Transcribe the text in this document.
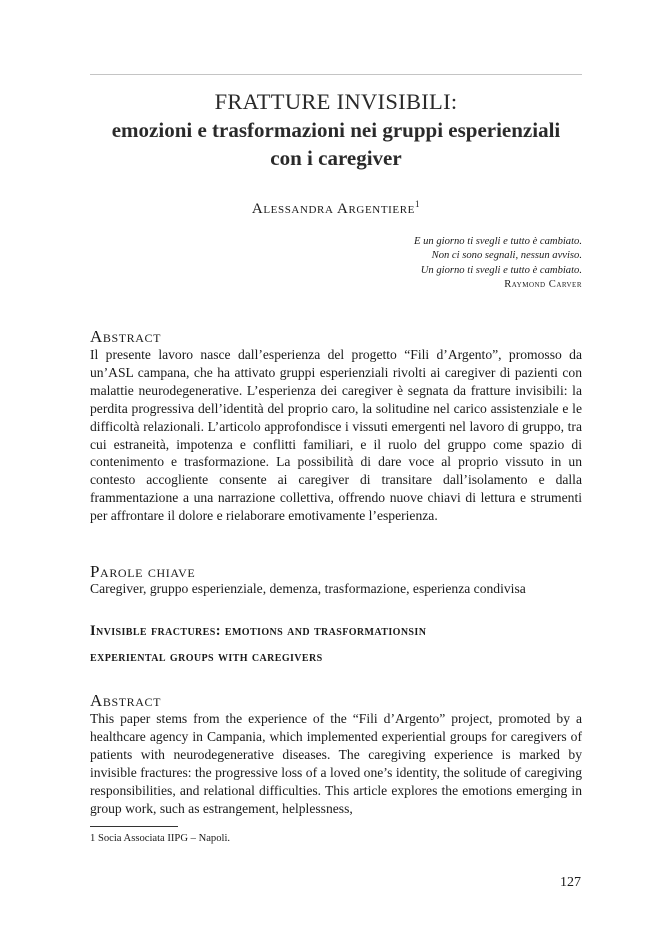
FRATTURE INVISIBILI:
emozioni e trasformazioni nei gruppi esperienziali
con i caregiver
Alessandra Argentiere$^1$
E un giorno ti svegli e tutto è cambiato.
Non ci sono segnali, nessun avviso.
Un giorno ti svegli e tutto è cambiato.
Raymond Carver
Abstract
Il presente lavoro nasce dall’esperienza del progetto “Fili d’Argento”, promosso da un’ASL campana, che ha attivato gruppi esperienziali rivolti ai caregiver di pazienti con malattie neurodegenerative. L’esperienza dei caregiver è segnata da fratture invisibili: la perdita progressiva dell’identità del proprio caro, la solitudine nel carico assistenziale e le difficoltà relazionali. L’articolo approfondisce i vissuti emergenti nel lavoro di gruppo, tra cui estraneità, impotenza e conflitti familiari, e il ruolo del gruppo come spazio di contenimento e trasformazione. La possibilità di dare voce al proprio vissuto in un contesto accogliente consente ai caregiver di transitare dall’isolamento e dalla frammentazione a una narrazione collettiva, offrendo nuove chiavi di lettura e strumenti per affrontare il dolore e rielaborare emotivamente l’esperienza.
Parole chiave
Caregiver, gruppo esperienziale, demenza, trasformazione, esperienza condivisa
Invisible fractures: emotions and trasformationsin
experiental groups with caregivers
Abstract
This paper stems from the experience of the “Fili d’Argento” project, promoted by a healthcare agency in Campania, which implemented experiential groups for caregivers of patients with neurodegenerative diseases. The caregiving experience is marked by invisible fractures: the progressive loss of a loved one’s identity, the solitude of caregiving responsibilities, and relational difficulties. This article explores the emotions emerging in group work, such as estrangement, helplessness,
1 Socia Associata IIPG – Napoli.
127
